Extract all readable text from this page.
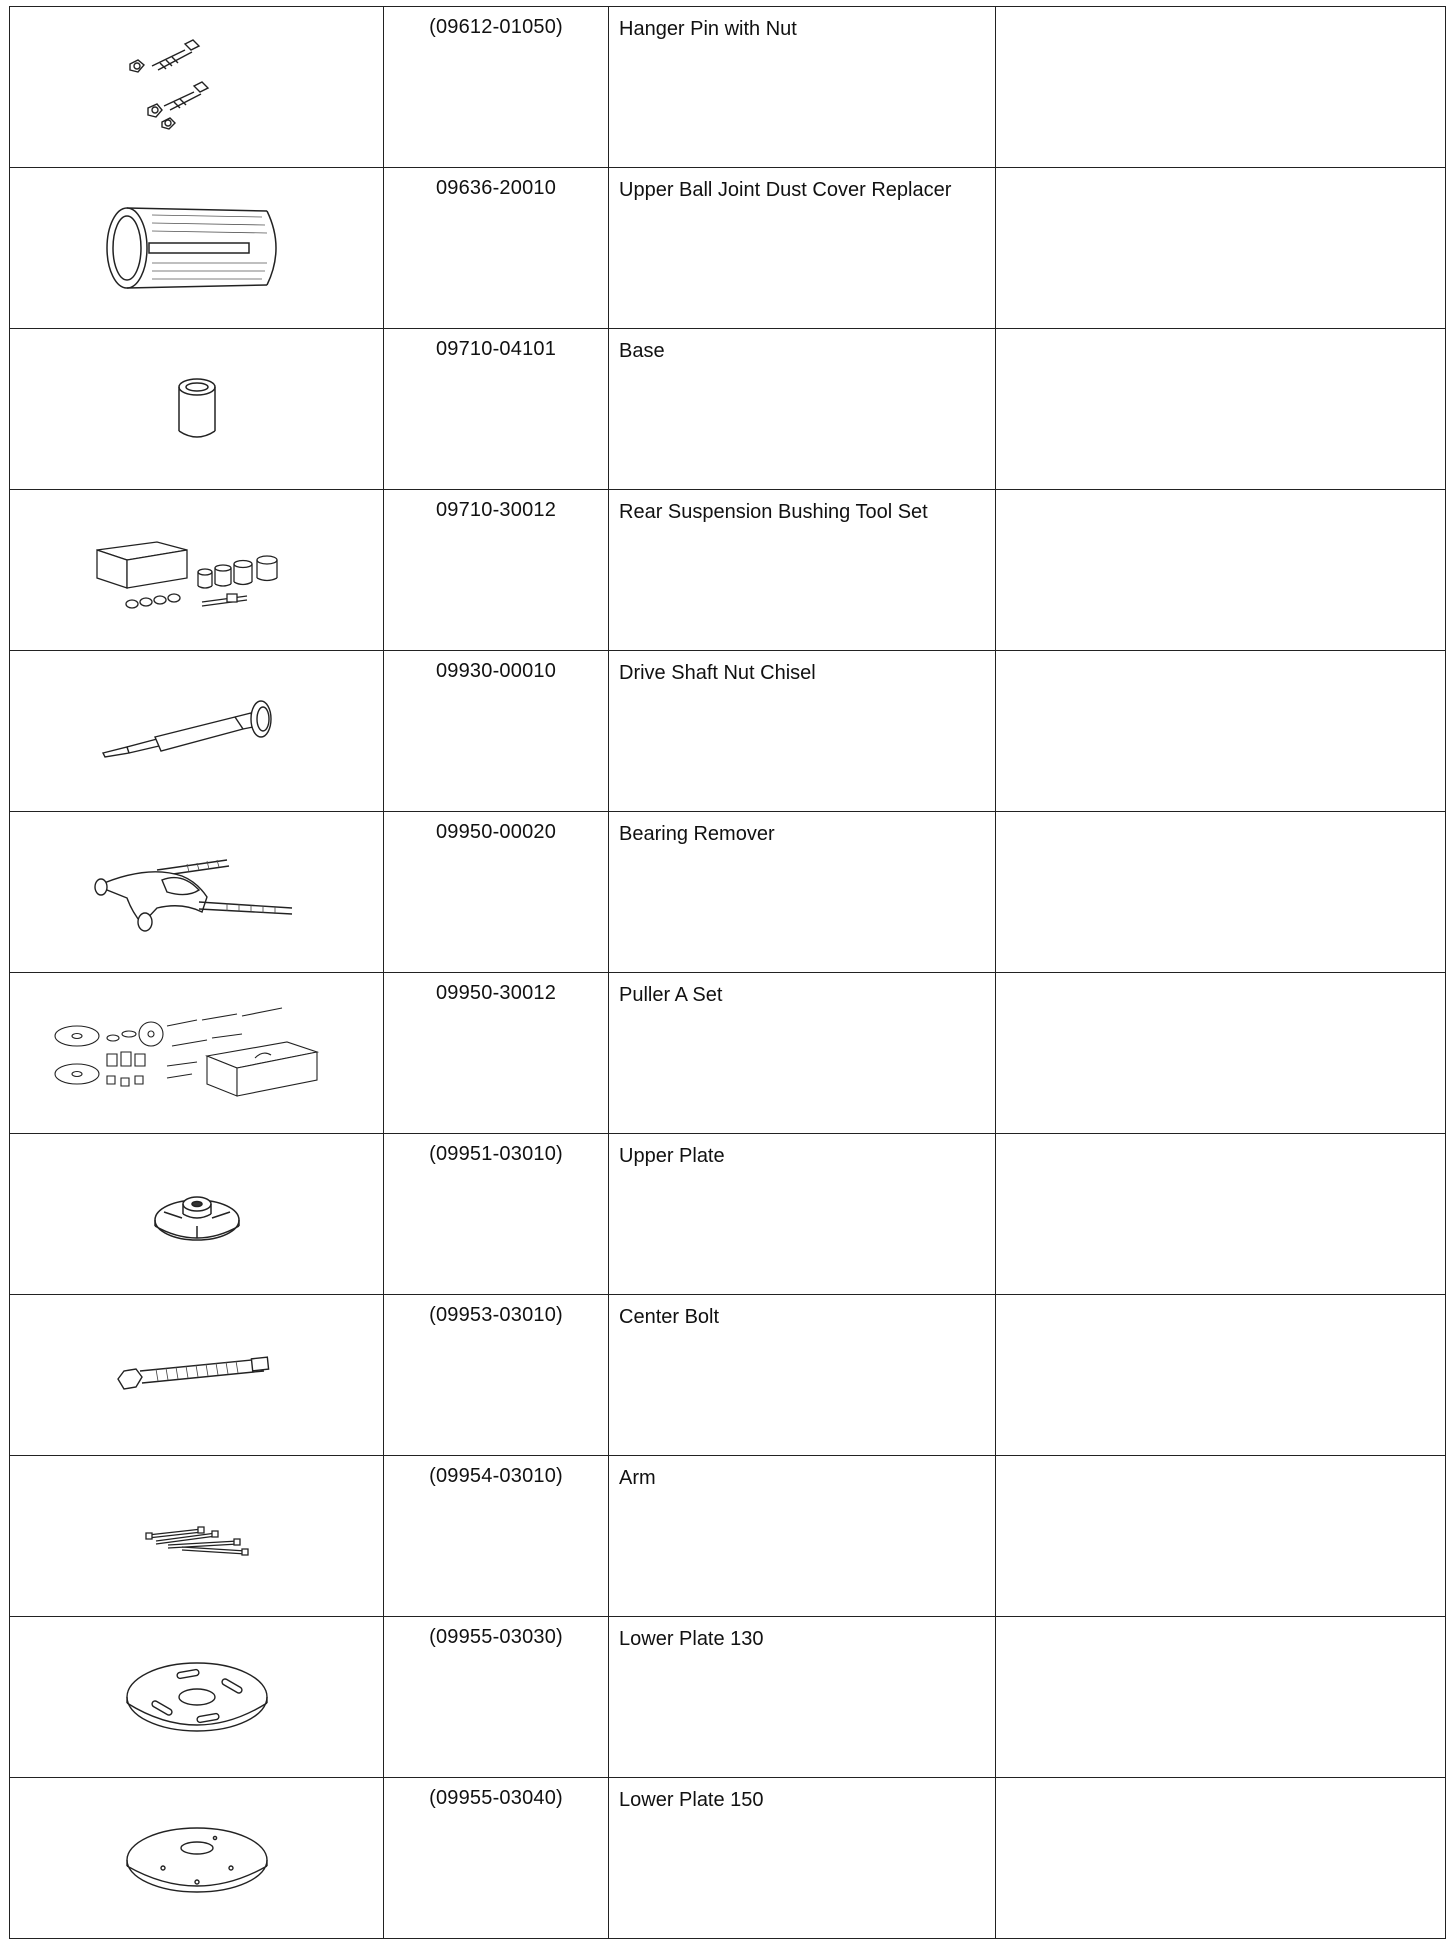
(09612-01050)	Hanger Pin with Nut	

09636-20010	Upper Ball Joint Dust Cover Replacer	

09710-04101	Base	

09710-30012	Rear Suspension Bushing Tool Set	

09930-00010	Drive Shaft Nut Chisel	

09950-00020	Bearing Remover	

09950-30012	Puller A Set	

(09951-03010)	Upper Plate	

(09953-03010)	Center Bolt	

(09954-03010)	Arm	

(09955-03030)	Lower Plate 130	

(09955-03040)	Lower Plate 150	
